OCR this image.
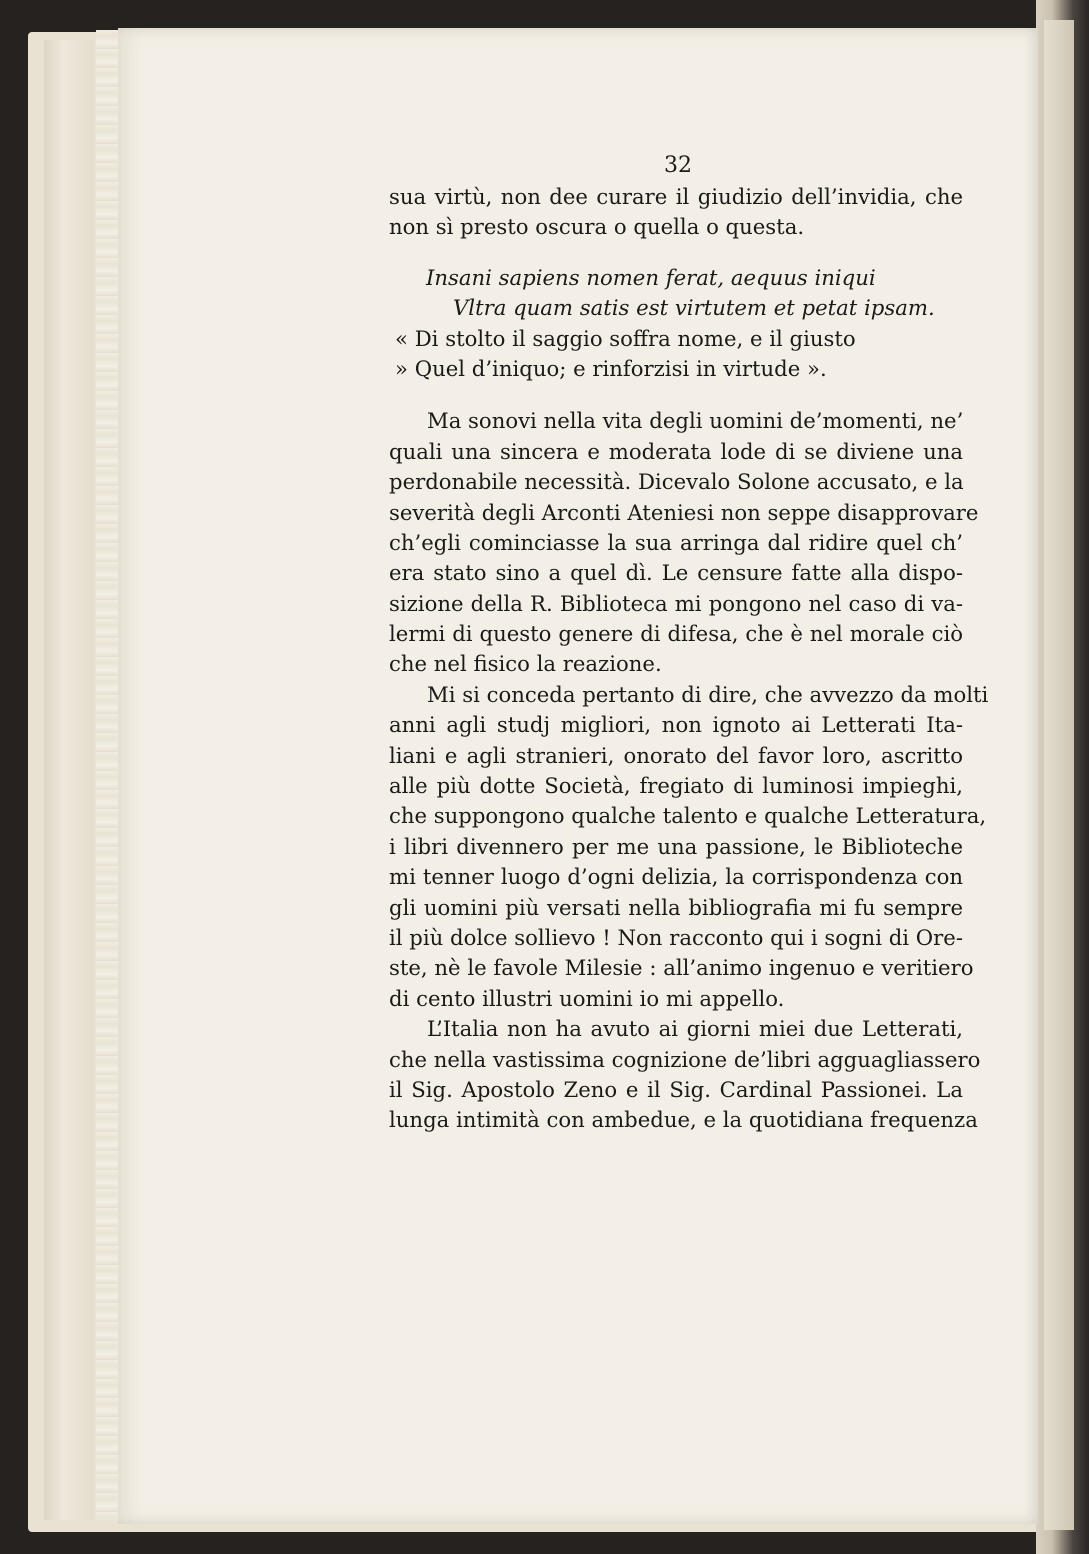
32
sua virtù, non dee curare il giudizio dell’invidia, che
non sì presto oscura o quella o questa.
Insani sapiens nomen ferat, aequus iniqui
Vltra quam satis est virtutem et petat ipsam.
« Di stolto il saggio soffra nome, e il giusto
» Quel d’iniquo; e rinforzisi in virtude ».
Ma sonovi nella vita degli uomini de’momenti, ne’
quali una sincera e moderata lode di se diviene una
perdonabile necessità. Dicevalo Solone accusato, e la
severità degli Arconti Ateniesi non seppe disapprovare
ch’egli cominciasse la sua arringa dal ridire quel ch’
era stato sino a quel dì. Le censure fatte alla dispo-
sizione della R. Biblioteca mi pongono nel caso di va-
lermi di questo genere di difesa, che è nel morale ciò
che nel fisico la reazione.
Mi si conceda pertanto di dire, che avvezzo da molti
anni agli studj migliori, non ignoto ai Letterati Ita-
liani e agli stranieri, onorato del favor loro, ascritto
alle più dotte Società, fregiato di luminosi impieghi,
che suppongono qualche talento e qualche Letteratura,
i libri divennero per me una passione, le Biblioteche
mi tenner luogo d’ogni delizia, la corrispondenza con
gli uomini più versati nella bibliografia mi fu sempre
il più dolce sollievo ! Non racconto qui i sogni di Ore-
ste, nè le favole Milesie : all’animo ingenuo e veritiero
di cento illustri uomini io mi appello.
L’Italia non ha avuto ai giorni miei due Letterati,
che nella vastissima cognizione de’libri agguagliassero
il Sig. Apostolo Zeno e il Sig. Cardinal Passionei. La
lunga intimità con ambedue, e la quotidiana frequenza
